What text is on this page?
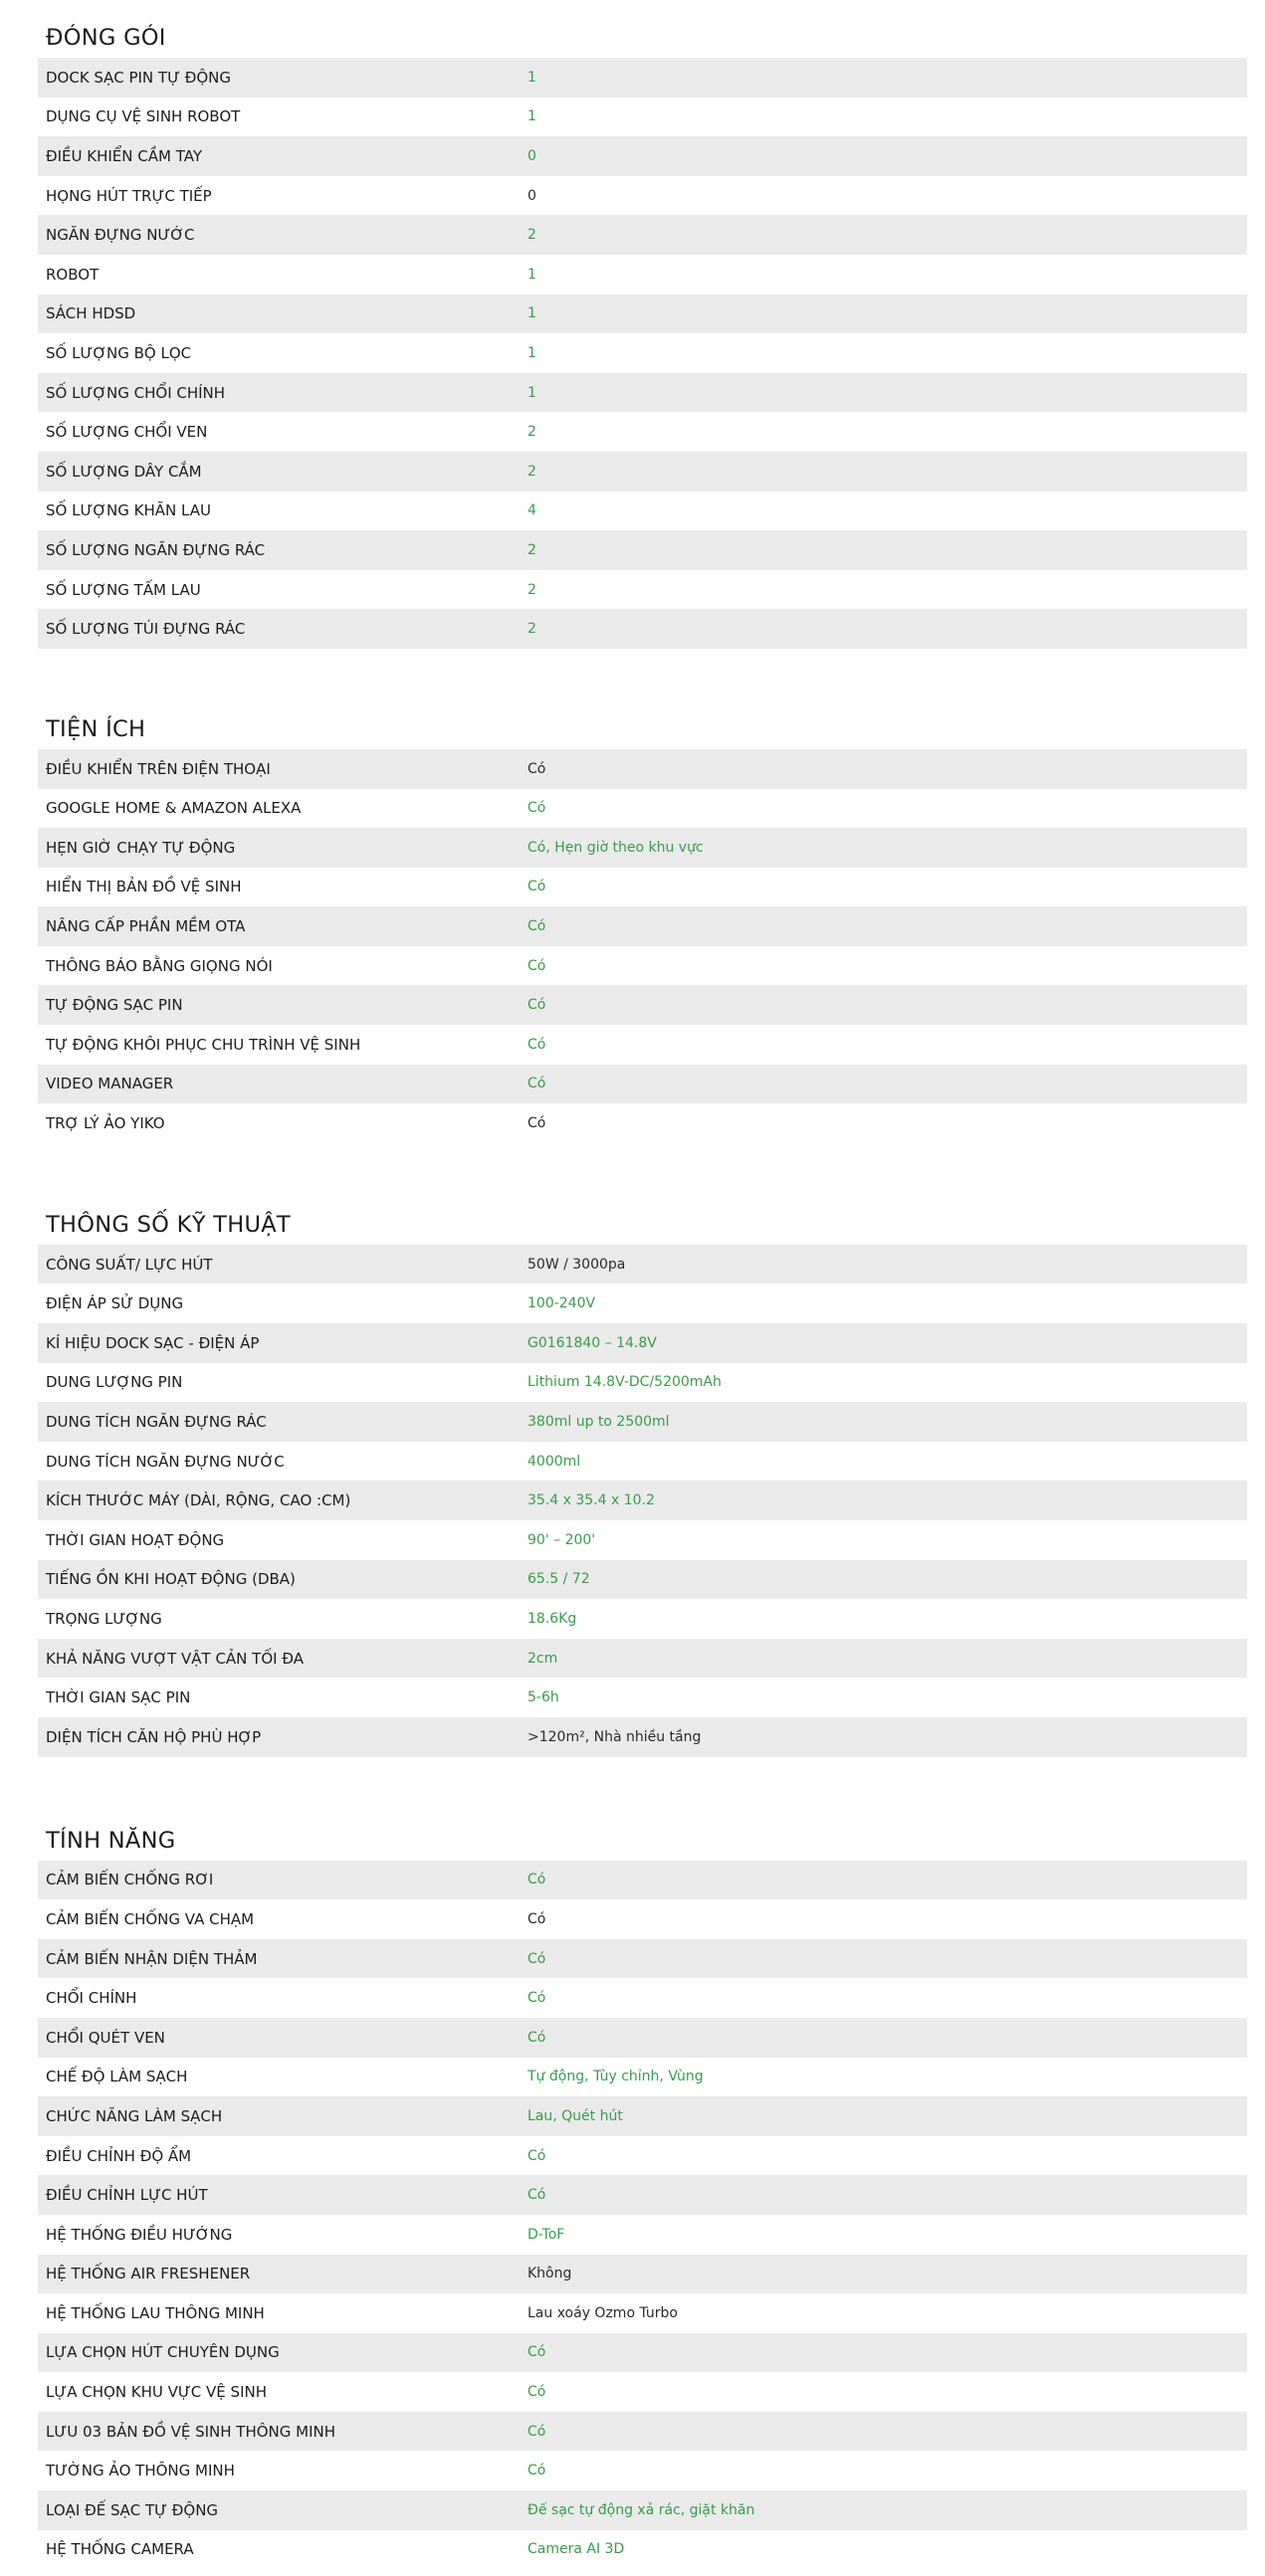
ĐÓNG GÓI
DOCK SẠC PIN TỰ ĐỘNG	1
DỤNG CỤ VỆ SINH ROBOT	1
ĐIỀU KHIỂN CẦM TAY	0
HỌNG HÚT TRỰC TIẾP	0
NGĂN ĐỰNG NƯỚC	2
ROBOT	1
SÁCH HDSD	1
SỐ LƯỢNG BỘ LỌC	1
SỐ LƯỢNG CHỔI CHÍNH	1
SỐ LƯỢNG CHỔI VEN	2
SỐ LƯỢNG DÂY CẮM	2
SỐ LƯỢNG KHĂN LAU	4
SỐ LƯỢNG NGĂN ĐỰNG RÁC	2
SỐ LƯỢNG TẤM LAU	2
SỐ LƯỢNG TÚI ĐỰNG RÁC	2
TIỆN ÍCH
ĐIỀU KHIỂN TRÊN ĐIỆN THOẠI	Có
GOOGLE HOME & AMAZON ALEXA	Có
HẸN GIỜ CHẠY TỰ ĐỘNG	Có, Hẹn giờ theo khu vực
HIỂN THỊ BẢN ĐỒ VỆ SINH	Có
NÂNG CẤP PHẦN MỀM OTA	Có
THÔNG BÁO BẰNG GIỌNG NÓI	Có
TỰ ĐỘNG SẠC PIN	Có
TỰ ĐỘNG KHÔI PHỤC CHU TRÌNH VỆ SINH	Có
VIDEO MANAGER	Có
TRỢ LÝ ẢO YIKO	Có
THÔNG SỐ KỸ THUẬT
CÔNG SUẤT/ LỰC HÚT	50W / 3000pa
ĐIỆN ÁP SỬ DỤNG	100-240V
KÍ HIỆU DOCK SẠC - ĐIỆN ÁP	G0161840 – 14.8V
DUNG LƯỢNG PIN	Lithium 14.8V-DC/5200mAh
DUNG TÍCH NGĂN ĐỰNG RÁC	380ml up to 2500ml
DUNG TÍCH NGĂN ĐỰNG NƯỚC	4000ml
KÍCH THƯỚC MÁY (DÀI, RỘNG, CAO :CM)	35.4 x 35.4 x 10.2
THỜI GIAN HOẠT ĐỘNG	90' – 200'
TIẾNG ỒN KHI HOẠT ĐỘNG (DBA)	65.5 / 72
TRỌNG LƯỢNG	18.6Kg
KHẢ NĂNG VƯỢT VẬT CẢN TỐI ĐA	2cm
THỜI GIAN SẠC PIN	5-6h
DIỆN TÍCH CĂN HỘ PHÙ HỢP	>120m², Nhà nhiều tầng
TÍNH NĂNG
CẢM BIẾN CHỐNG RƠI	Có
CẢM BIẾN CHỐNG VA CHẠM	Có
CẢM BIẾN NHẬN DIỆN THẢM	Có
CHỔI CHÍNH	Có
CHỔI QUÉT VEN	Có
CHẾ ĐỘ LÀM SẠCH	Tự động, Tùy chỉnh, Vùng
CHỨC NĂNG LÀM SẠCH	Lau, Quét hút
ĐIỀU CHỈNH ĐỘ ẨM	Có
ĐIỀU CHỈNH LỰC HÚT	Có
HỆ THỐNG ĐIỀU HƯỚNG	D-ToF
HỆ THỐNG AIR FRESHENER	Không
HỆ THỐNG LAU THÔNG MINH	Lau xoáy Ozmo Turbo
LỰA CHỌN HÚT CHUYÊN DỤNG	Có
LỰA CHỌN KHU VỰC VỆ SINH	Có
LƯU 03 BẢN ĐỒ VỆ SINH THÔNG MINH	Có
TƯỜNG ẢO THÔNG MINH	Có
LOẠI ĐẾ SẠC TỰ ĐỘNG	Đế sạc tự động xả rác, giặt khăn
HỆ THỐNG CAMERA	Camera AI 3D
